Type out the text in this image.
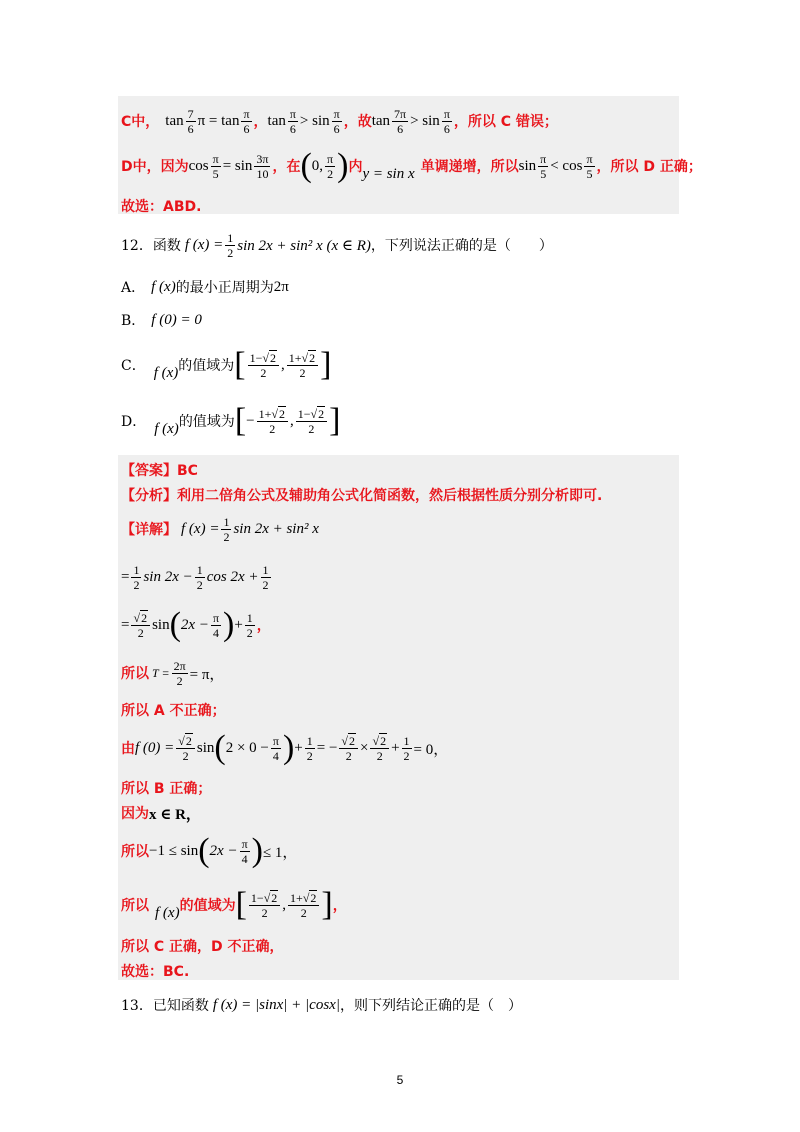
C中， $\tan \frac{7}{6}$ $\pi = \tan \frac{\pi}{6}$ ， $\tan \frac{\pi}{6} > \sin \frac{\pi}{6}$ ，故 $\tan \frac{7\pi}{6} > \sin \frac{\pi}{6}$ ，所以 C 错误；
D中，因为 $\cos \frac{\pi}{5} = \sin \frac{3\pi}{10}$ ，在 ( 0, $\frac{\pi}{2}$ ) 内 y = sin x 单调递增，所以 $\sin \frac{\pi}{5} < \cos \frac{\pi}{5}$ ，所以 D 正确；
故选：ABD.
12．函数 f $(x) = \frac{1}{2}$ sin 2x + sin² x (x ∈ R) ，下列说法正确的是（　　）
A． f (x) 的最小正周期为 2π
B． f (0) = 0
C． f (x) 的值域为 [ $\frac{1-√2}{2}$ , $\frac{1+√2}{2}$ ]
D． f (x) 的值域为 [ − $\frac{1+√2}{2}$ , $\frac{1-√2}{2}$ ]
【答案】BC
【分析】利用二倍角公式及辅助角公式化简函数，然后根据性质分别分析即可.
【详解】 f $(x) = \frac{1}{2}$ sin 2x + sin² x
= $\frac{1}{2}$ $\sin 2x - \frac{1}{2}$ $\cos 2x + \frac{1}{2}$
= $\frac{√2}{2}$ sin ( $2x - \frac{\pi}{4}$ ) + $\frac{1}{2}$ ，
所以 $T = \frac{2\pi}{2} = \pi$，
所以 A 不正确；
由 f $(0) = \frac{√2}{2}$ sin ( $2 \times 0 - \frac{\pi}{4}$ ) + $\frac{1}{2}$ = − $\frac{√2}{2} \times \frac{√2}{2} + \frac{1}{2} = 0$，
所以 B 正确；
因为 x ∈ R，
所以 −1 ≤ sin ( $2x - \frac{\pi}{4}$ ) ≤ 1，
所以 f (x) 的值域为 [ $\frac{1-√2}{2}$ , $\frac{1+√2}{2}$ ] ，
所以 C 正确，D 不正确，
故选：BC.
13．已知函数 f (x) = |sinx| + |cosx| ，则下列结论正确的是（　）
5
